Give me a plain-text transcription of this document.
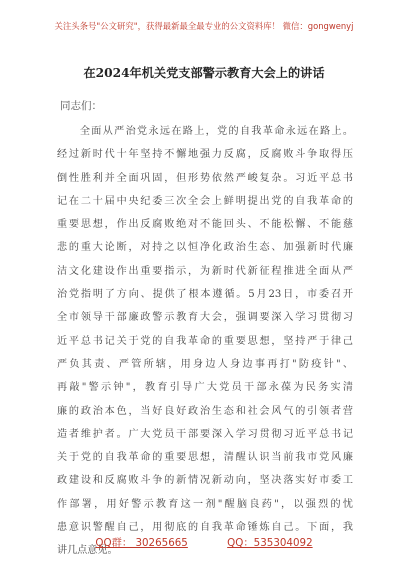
关注头条号"公文研究"，获得最新最全最专业的公文资料库！ 微信：gongwenyj
在2024年机关党支部警示教育大会上的讲话
同志们：
　　全面从严治党永远在路上，党的自我革命永远在路上。
经过新时代十年坚持不懈地强力反腐，反腐败斗争取得压
倒性胜利并全面巩固，但形势依然严峻复杂。习近平总书
记在二十届中央纪委三次全会上鲜明提出党的自我革命的
重要思想，作出反腐败绝对不能回头、不能松懈、不能慈
悲的重大论断，对持之以恒净化政治生态、加强新时代廉
洁文化建设作出重要指示，为新时代新征程推进全面从严
治党指明了方向、提供了根本遵循。5月23日，市委召开
全市领导干部廉政警示教育大会，强调要深入学习贯彻习
近平总书记关于党的自我革命的重要思想，坚持严于律己
严负其责、严管所辖，用身边人身边事再打"防疫针"、
再敲"警示钟"，教育引导广大党员干部永葆为民务实清
廉的政治本色，当好良好政治生态和社会风气的引领者营
造者维护者。广大党员干部要深入学习贯彻习近平总书记
关于党的自我革命的重要思想，清醒认识当前我市党风廉
政建设和反腐败斗争的新情况新动向，坚决落实好市委工
作部署，用好警示教育这一剂"醒脑良药"，以强烈的忧
患意识警醒自己，用彻底的自我革命锤炼自己。下面，我
讲几点意见。
QQ群： 30265665	QQ：535304092
